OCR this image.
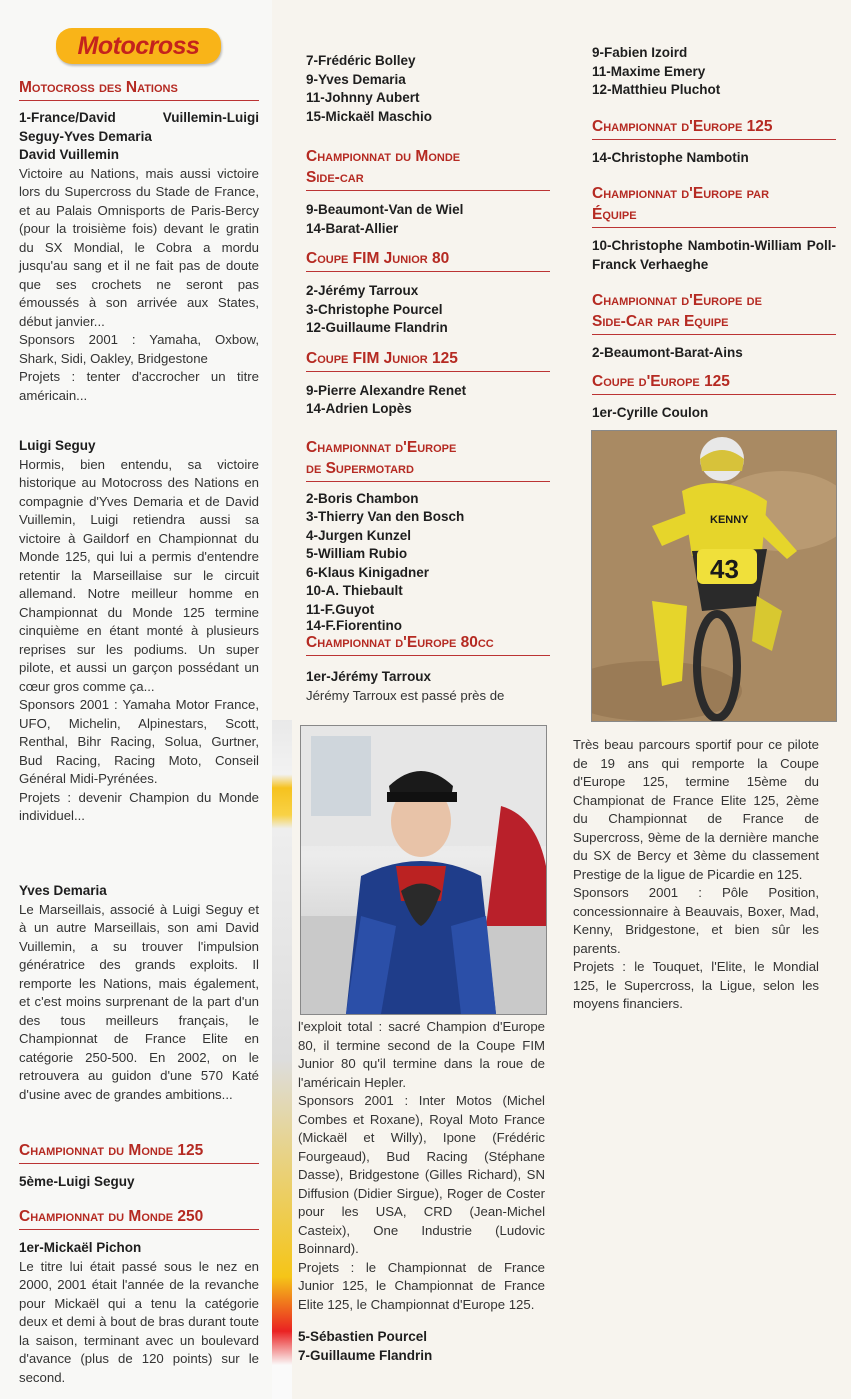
Motocross
Motocross des Nations
1-France/David Vuillemin-Luigi Seguy-Yves Demaria
David Vuillemin

Victoire au Nations, mais aussi victoire lors du Supercross du Stade de France, et au Palais Omnisports de Paris-Bercy (pour la troisième fois) devant le gratin du SX Mondial, le Cobra a mordu jusqu'au sang et il ne fait pas de doute que ses crochets ne seront pas émoussés à son arrivée aux States, début janvier...

Sponsors 2001 : Yamaha, Oxbow, Shark, Sidi, Oakley, Bridgestone

Projets : tenter d'accrocher un titre américain...

Luigi Seguy

Hormis, bien entendu, sa victoire historique au Motocross des Nations en compagnie d'Yves Demaria et de David Vuillemin, Luigi retiendra aussi sa victoire à Gaildorf en Championnat du Monde 125, qui lui a permis d'entendre retentir la Marseillaise sur le circuit allemand. Notre meilleur homme en Championnat du Monde 125 termine cinquième en étant monté à plusieurs reprises sur les podiums. Un super pilote, et aussi un garçon possédant un cœur gros comme ça...

Sponsors 2001 : Yamaha Motor France, UFO, Michelin, Alpinestars, Scott, Renthal, Bihr Racing, Solua, Gurtner, Bud Racing, Racing Moto, Conseil Général Midi-Pyrénées.

Projets : devenir Champion du Monde individuel...

Yves Demaria

Le Marseillais, associé à Luigi Seguy et à un autre Marseillais, son ami David Vuillemin, a su trouver l'impulsion génératrice des grands exploits. Il remporte les Nations, mais également, et c'est moins surprenant de la part d'un des tous meilleurs français, le Championnat de France Elite en catégorie 250-500. En 2002, on le retrouvera au guidon d'une 570 Katé d'usine avec de grandes ambitions...

Championnat du Monde 125
5ème-Luigi Seguy
Championnat du Monde 250
1er-Mickaël Pichon

Le titre lui était passé sous le nez en 2000, 2001 était l'année de la revanche pour Mickaël qui a tenu la catégorie deux et demi à bout de bras durant toute la saison, terminant avec un boulevard d'avance (plus de 120 points) sur le second.

7-Frédéric Bolley
9-Yves Demaria
11-Johnny Aubert
15-Mickaël Maschio
Championnat du Monde
Side-car
9-Beaumont-Van de Wiel
14-Barat-Allier
Coupe FIM Junior 80
2-Jérémy Tarroux
3-Christophe Pourcel
12-Guillaume Flandrin
Coupe FIM Junior 125
9-Pierre Alexandre Renet
14-Adrien Lopès
Championnat d'Europe
de Supermotard
2-Boris Chambon
3-Thierry Van den Bosch
4-Jurgen Kunzel
5-William Rubio
6-Klaus Kinigadner
10-A. Thiebault
11-F.Guyot
14-F.Fiorentino
Championnat d'Europe 80cc
1er-Jérémy Tarroux

Jérémy Tarroux est passé près de

l'exploit total : sacré Champion d'Europe 80, il termine second de la Coupe FIM Junior 80 qu'il termine dans la roue de l'américain Hepler.

Sponsors 2001 : Inter Motos (Michel Combes et Roxane), Royal Moto France (Mickaël et Willy), Ipone (Frédéric Fourgeaud), Bud Racing (Stéphane Dasse), Bridgestone (Gilles Richard), SN Diffusion (Didier Sirgue), Roger de Coster pour les USA, CRD (Jean-Michel Casteix), One Industrie (Ludovic Boinnard).

Projets : le Championnat de France Junior 125, le Championnat de France Elite 125, le Championnat d'Europe 125.

5-Sébastien Pourcel
7-Guillaume Flandrin
9-Fabien Izoird
11-Maxime Emery
12-Matthieu Pluchot
Championnat d'Europe 125
14-Christophe Nambotin
Championnat d'Europe par
Équipe
10-Christophe Nambotin-William Poll-Franck Verhaeghe
Championnat d'Europe de
Side-Car par Equipe
2-Beaumont-Barat-Ains
Coupe d'Europe 125
1er-Cyrille Coulon
KENNY
43

Très beau parcours sportif pour ce pilote de 19 ans qui remporte la Coupe d'Europe 125, termine 15ème du Championat de France Elite 125, 2ème du Championnat de France de Supercross, 9ème de la dernière manche du SX de Bercy et 3ème du classement Prestige de la ligue de Picardie en 125.

Sponsors 2001 : Pôle Position, concessionnaire à Beauvais, Boxer, Mad, Kenny, Bridgestone, et bien sûr les parents.

Projets : le Touquet, l'Elite, le Mondial 125, le Supercross, la Ligue, selon les moyens financiers.
